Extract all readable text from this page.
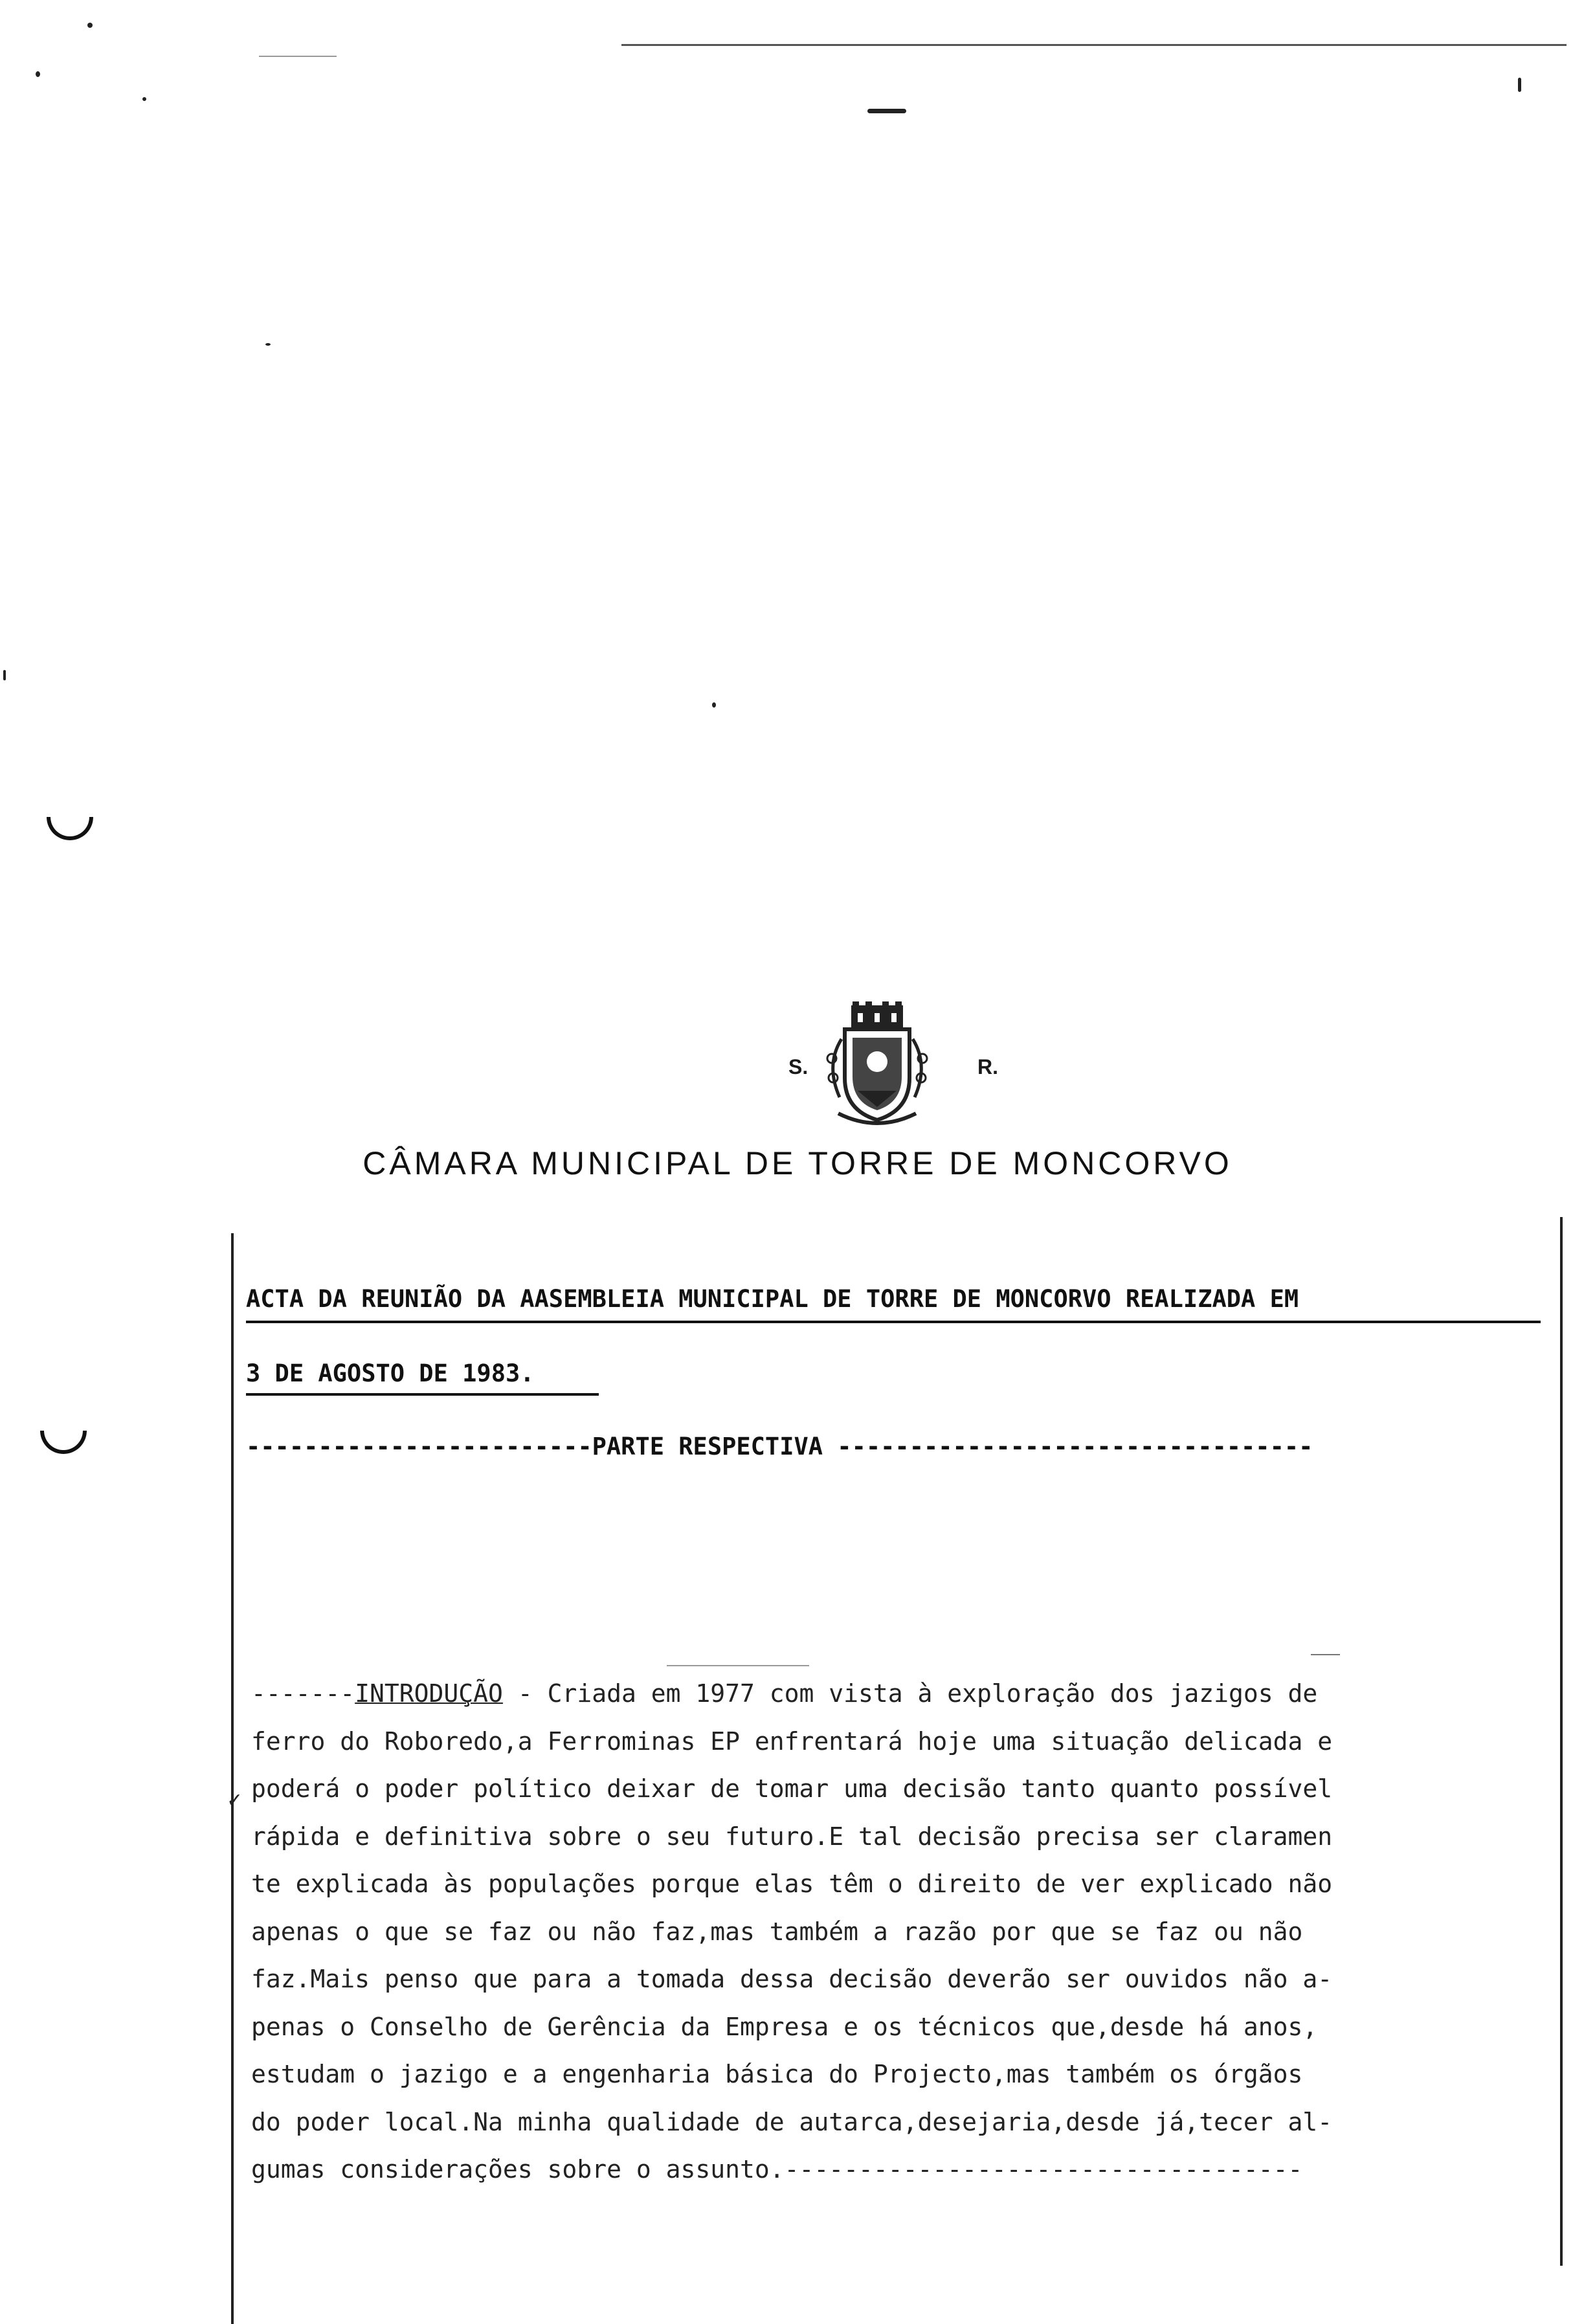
S.	R.
CÂMARA MUNICIPAL DE TORRE DE MONCORVO
ACTA DA REUNIÃO DA AASEMBLEIA MUNICIPAL DE TORRE DE MONCORVO REALIZADA EM
3 DE AGOSTO DE 1983.
------------------------PARTE RESPECTIVA ---------------------------------
✓
-------INTRODUÇÃO - Criada em 1977 com vista à exploração dos jazigos de
ferro do Roboredo,a Ferrominas EP enfrentará hoje uma situação delicada e
poderá o poder político deixar de tomar uma decisão tanto quanto possível
rápida e definitiva sobre o seu futuro.E tal decisão precisa ser claramen
te explicada às populações porque elas têm o direito de ver explicado não
apenas o que se faz ou não faz,mas também a razão por que se faz ou não
faz.Mais penso que para a tomada dessa decisão deverão ser ouvidos não a-
penas o Conselho de Gerência da Empresa e os técnicos que,desde há anos,
estudam o jazigo e a engenharia básica do Projecto,mas também os órgãos
do poder local.Na minha qualidade de autarca,desejaria,desde já,tecer al-
gumas considerações sobre o assunto.-----------------------------------
